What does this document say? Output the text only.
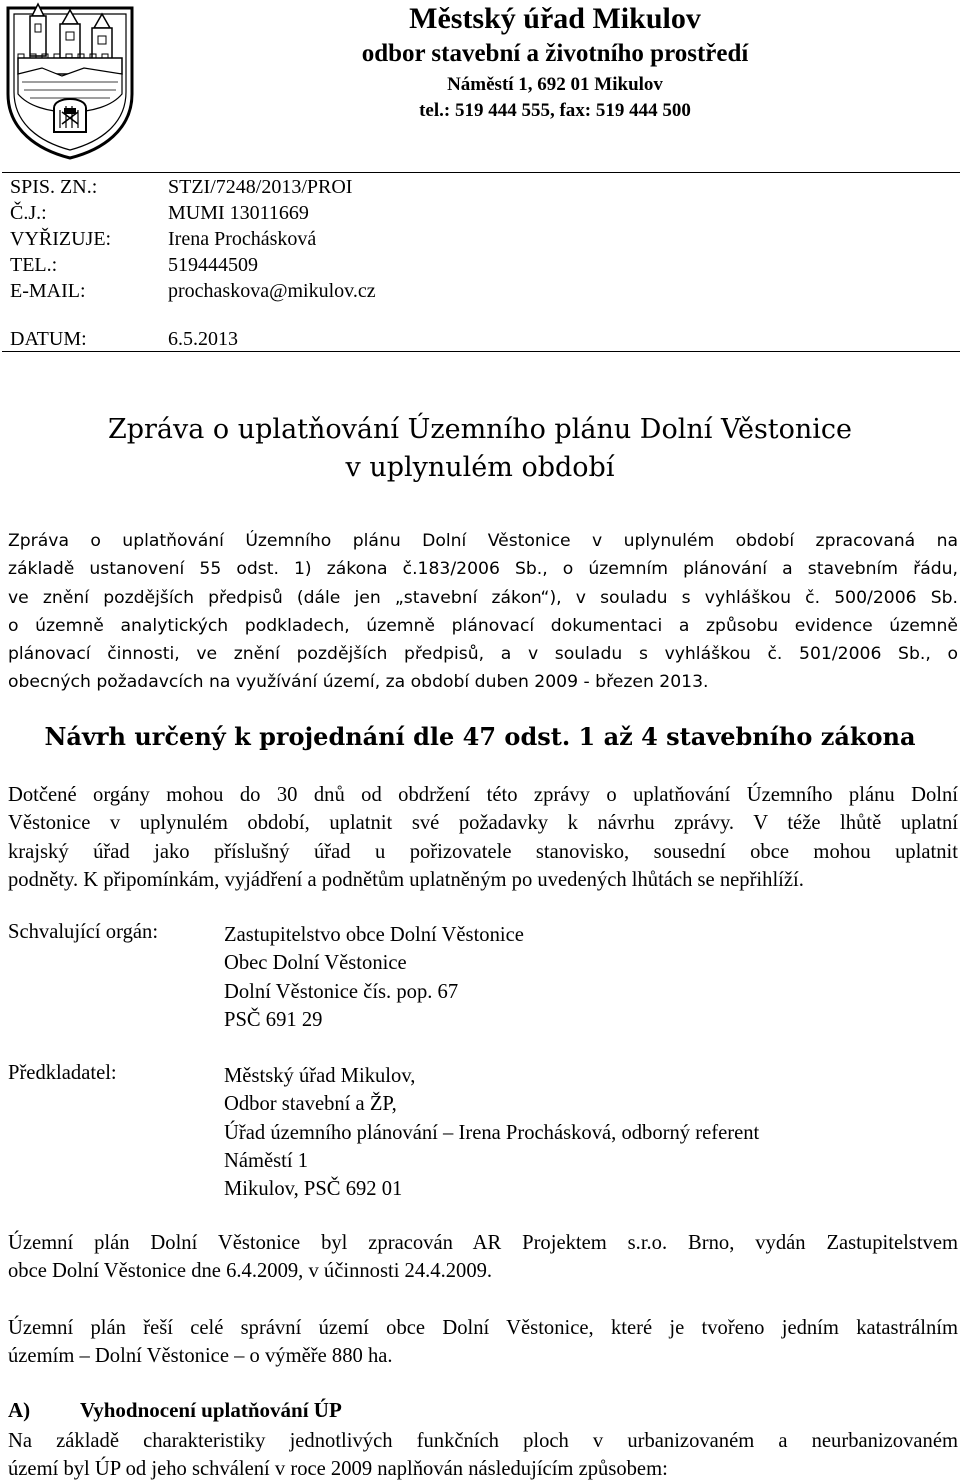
Městský úřad Mikulov
odbor stavební a životního prostředí
Náměstí 1, 692 01 Mikulov
tel.: 519 444 555, fax: 519 444 500
SPIS. ZN.:	STZI/7248/2013/PROI
Č.J.:	MUMI 13011669
VYŘIZUJE:	Irena Prochásková
TEL.:	519444509
E-MAIL:	prochaskova@mikulov.cz
DATUM:	6.5.2013
Zpráva o uplatňování Územního plánu Dolní Věstonice
v uplynulém období
Zpráva o uplatňování Územního plánu Dolní Věstonice v uplynulém období zpracovaná na
základě ustanovení 55 odst. 1) zákona č.183/2006 Sb., o územním plánování a stavebním řádu,
ve znění pozdějších předpisů (dále jen „stavební zákon“), v souladu s vyhláškou č. 500/2006 Sb.
o územně analytických podkladech, územně plánovací dokumentaci a způsobu evidence územně
plánovací činnosti, ve znění pozdějších předpisů, a v souladu s vyhláškou č. 501/2006 Sb., o
obecných požadavcích na využívání území, za období duben 2009 - březen 2013.
Návrh určený k projednání dle 47 odst. 1 až 4 stavebního zákona
Dotčené orgány mohou do 30 dnů od obdržení této zprávy o uplatňování Územního plánu Dolní
Věstonice v uplynulém období, uplatnit své požadavky k návrhu zprávy. V téže lhůtě uplatní
krajský úřad jako příslušný úřad u pořizovatele stanovisko, sousední obce mohou uplatnit
podněty. K připomínkám, vyjádření a podnětům uplatněným po uvedených lhůtách se nepřihlíží.
Schvalující orgán:	Zastupitelstvo obce Dolní Věstonice
Obec Dolní Věstonice
Dolní Věstonice čís. pop. 67
PSČ 691 29
Předkladatel:	Městský úřad Mikulov,
Odbor stavební a ŽP,
Úřad územního plánování – Irena Prochásková, odborný referent
Náměstí 1
Mikulov, PSČ 692 01
Územní plán Dolní Věstonice byl zpracován AR Projektem s.r.o. Brno, vydán Zastupitelstvem
obce Dolní Věstonice dne 6.4.2009, v účinnosti 24.4.2009.
Územní plán řeší celé správní území obce Dolní Věstonice, které je tvořeno jedním katastrálním
územím – Dolní Věstonice – o výměře 880 ha.
A) Vyhodnocení uplatňování ÚP
Na základě charakteristiky jednotlivých funkčních ploch v urbanizovaném a neurbanizovaném
území byl ÚP od jeho schválení v roce 2009 naplňován následujícím způsobem:
